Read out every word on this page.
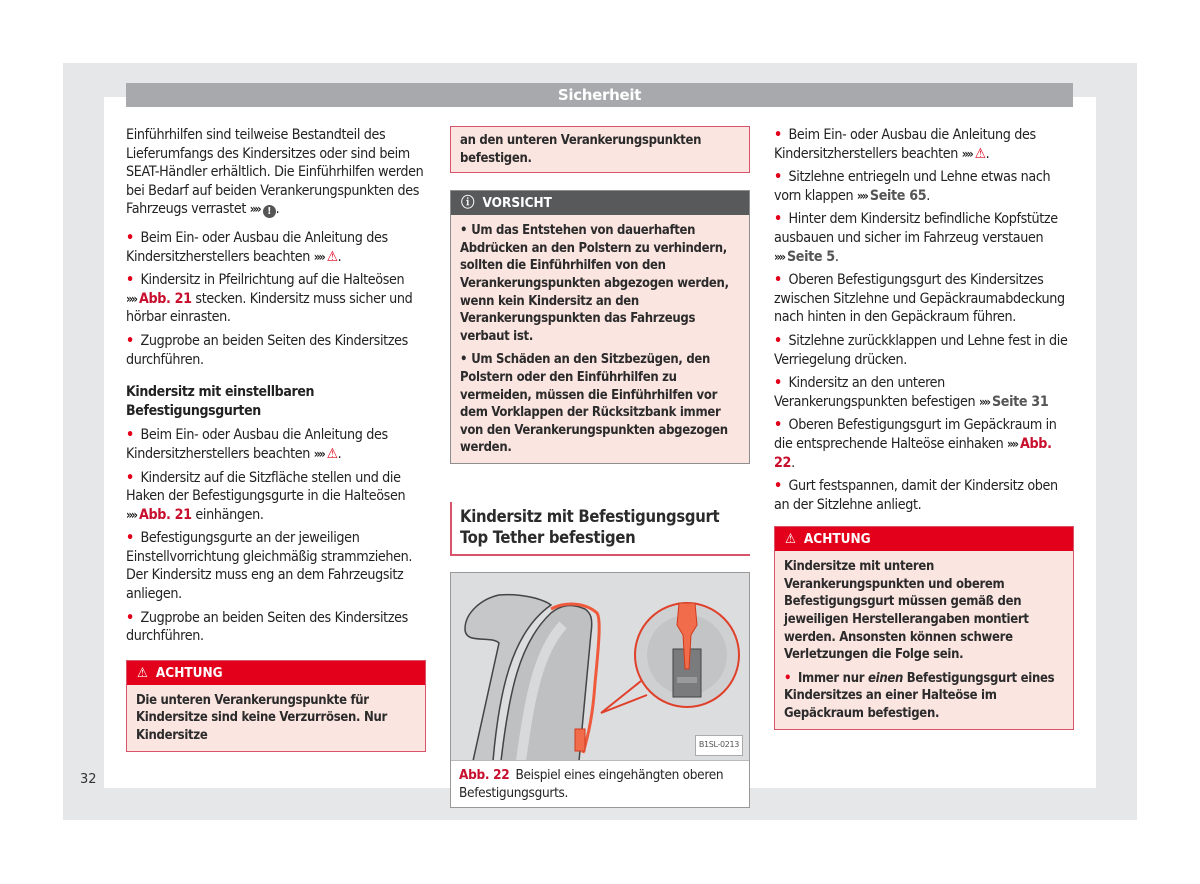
Sicherheit

Einführhilfen sind teilweise Bestandteil des Lieferumfangs des Kindersitzes oder sind beim SEAT-Händler erhältlich. Die Einführhilfen werden bei Bedarf auf beiden Verankerungspunkten des Fahrzeugs verrastet »» ! .

• Beim Ein- oder Ausbau die Anleitung des Kindersitzherstellers beachten »» ⚠.
• Kindersitz in Pfeilrichtung auf die Halteösen »» Abb. 21 stecken. Kindersitz muss sicher und hörbar einrasten.
• Zugprobe an beiden Seiten des Kindersitzes durchführen.
Kindersitz mit einstellbaren Befestigungsgurten
• Beim Ein- oder Ausbau die Anleitung des Kindersitzherstellers beachten »» ⚠.
• Kindersitz auf die Sitzfläche stellen und die Haken der Befestigungsgurte in die Halteösen »» Abb. 21 einhängen.
• Befestigungsgurte an der jeweiligen Einstellvorrichtung gleichmäßig strammziehen. Der Kindersitz muss eng an dem Fahrzeugsitz anliegen.
• Zugprobe an beiden Seiten des Kindersitzes durchführen.
⚠ ACHTUNG
Die unteren Verankerungspunkte für Kindersitze sind keine Verzurrösen. Nur Kindersitze
an den unteren Verankerungspunkten befestigen.
ⓘ VORSICHT
• Um das Entstehen von dauerhaften Abdrücken an den Polstern zu verhindern, sollten die Einführhilfen von den Verankerungspunkten abgezogen werden, wenn kein Kindersitz an den Verankerungspunkten das Fahrzeugs verbaut ist.
• Um Schäden an den Sitzbezügen, den Polstern oder den Einführhilfen zu vermeiden, müssen die Einführhilfen vor dem Vorklappen der Rücksitzbank immer von den Verankerungspunkten abgezogen werden.
Kindersitz mit Befestigungsgurt Top Tether befestigen
B1SL-0213
Abb. 22 Beispiel eines eingehängten oberen Befestigungsgurts.
• Beim Ein- oder Ausbau die Anleitung des Kindersitzherstellers beachten »» ⚠.
• Sitzlehne entriegeln und Lehne etwas nach vorn klappen »» Seite 65.
• Hinter dem Kindersitz befindliche Kopfstütze ausbauen und sicher im Fahrzeug verstauen »» Seite 5.
• Oberen Befestigungsgurt des Kindersitzes zwischen Sitzlehne und Gepäckraumabdeckung nach hinten in den Gepäckraum führen.
• Sitzlehne zurückklappen und Lehne fest in die Verriegelung drücken.
• Kindersitz an den unteren Verankerungspunkten befestigen »» Seite 31
• Oberen Befestigungsgurt im Gepäckraum in die entsprechende Halteöse einhaken »» Abb. 22.
• Gurt festspannen, damit der Kindersitz oben an der Sitzlehne anliegt.
⚠ ACHTUNG
Kindersitze mit unteren Verankerungspunkten und oberem Befestigungsgurt müssen gemäß den jeweiligen Herstellerangaben montiert werden. Ansonsten können schwere Verletzungen die Folge sein.
• Immer nur einen Befestigungsgurt eines Kindersitzes an einer Halteöse im Gepäckraum befestigen.
32
